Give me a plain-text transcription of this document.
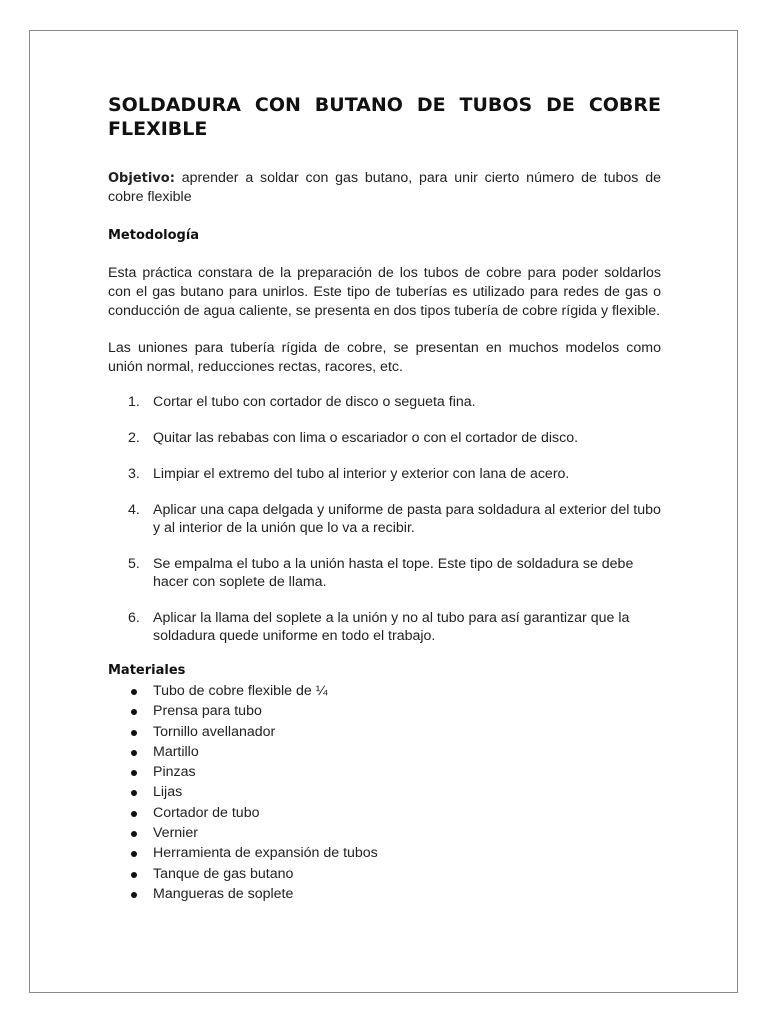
SOLDADURA CON BUTANO DE TUBOS DE COBRE FLEXIBLE

Objetivo: aprender a soldar con gas butano, para unir cierto número de tubos de cobre flexible

Metodología

Esta práctica constara de la preparación de los tubos de cobre para poder soldarlos con el gas butano para unirlos. Este tipo de tuberías es utilizado para redes de gas o conducción de agua caliente, se presenta en dos tipos tubería de cobre rígida y flexible.

Las uniones para tubería rígida de cobre, se presentan en muchos modelos como unión normal, reducciones rectas, racores, etc.

1. Cortar el tubo con cortador de disco o segueta fina.
2. Quitar las rebabas con lima o escariador o con el cortador de disco.
3. Limpiar el extremo del tubo al interior y exterior con lana de acero.
4. Aplicar una capa delgada y uniforme de pasta para soldadura al exterior del tubo y al interior de la unión que lo va a recibir.
5. Se empalma el tubo a la unión hasta el tope. Este tipo de soldadura se debe hacer con soplete de llama.
6. Aplicar la llama del soplete a la unión y no al tubo para así garantizar que la soldadura quede uniforme en todo el trabajo.
Materiales
Tubo de cobre flexible de ¼
Prensa para tubo
Tornillo avellanador
Martillo
Pinzas
Lijas
Cortador de tubo
Vernier
Herramienta de expansión de tubos
Tanque de gas butano
Mangueras de soplete
